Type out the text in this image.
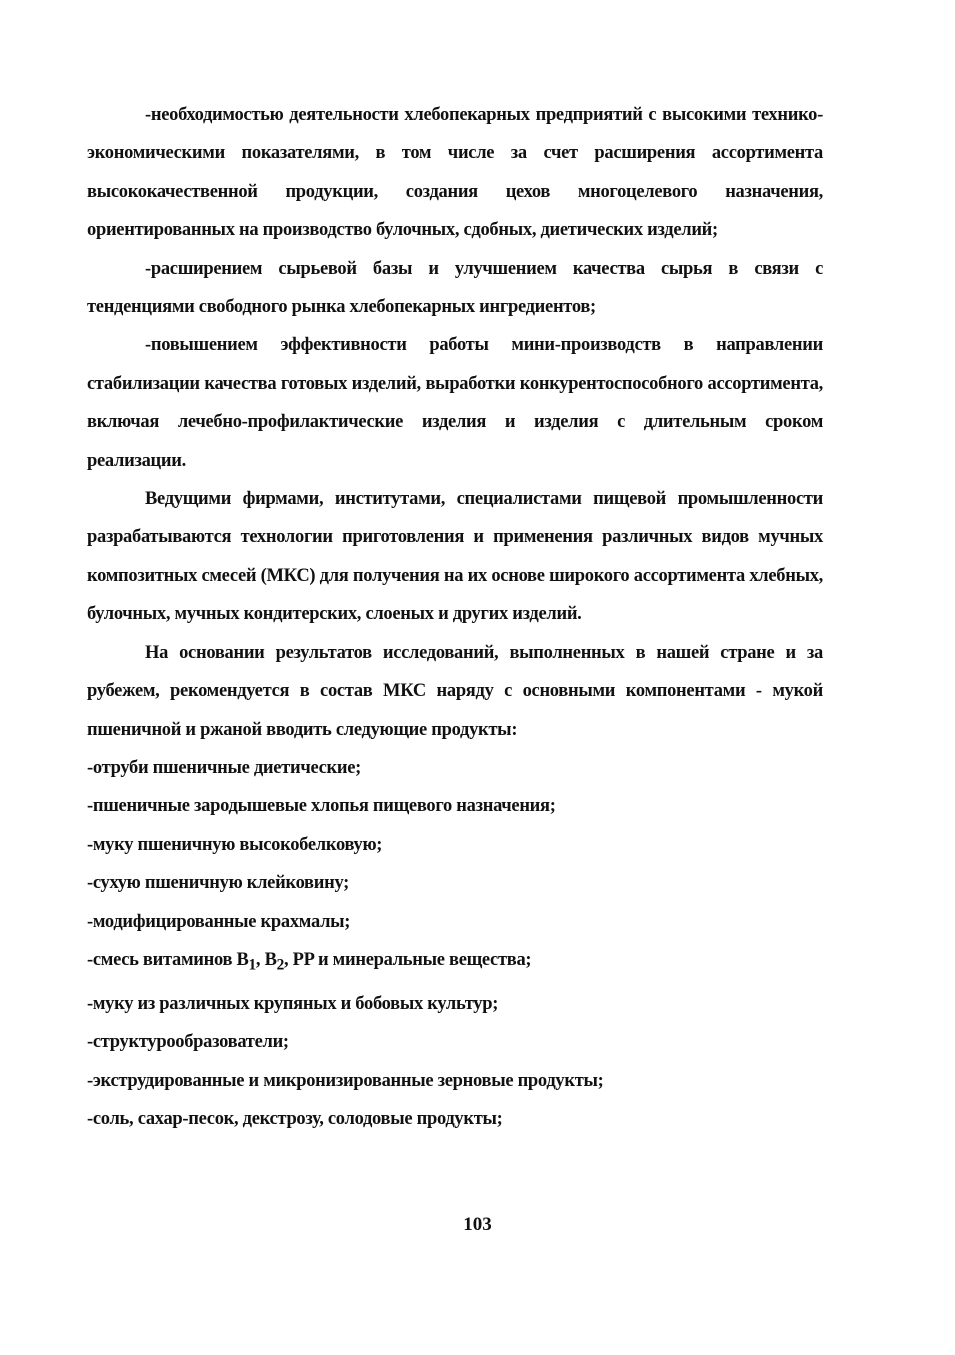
-необходимостью деятельности хлебопекарных предприятий с высокими технико-экономическими показателями, в том числе за счет расширения ассортимента высококачественной продукции, создания цехов многоцелевого назначения, ориентированных на производство булочных, сдобных, диетических изделий;

-расширением сырьевой базы и улучшением качества сырья в связи с тенденциями свободного рынка хлебопекарных ингредиентов;

-повышением эффективности работы мини-производств в направлении стабилизации качества готовых изделий, выработки конкурентоспособного ассортимента, включая лечебно-профилактические изделия и изделия с длительным сроком реализации.

Ведущими фирмами, институтами, специалистами пищевой промышленности разрабатываются технологии приготовления и применения различных видов мучных композитных смесей (МКС) для получения на их основе широкого ассортимента хлебных, булочных, мучных кондитерских, слоеных и других изделий.

На основании результатов исследований, выполненных в нашей стране и за рубежем, рекомендуется в состав МКС наряду с основными компонентами - мукой пшеничной и ржаной вводить следующие продукты:

-отруби пшеничные диетические;
-пшеничные зародышевые хлопья пищевого назначения;
-муку пшеничную высокобелковую;
-сухую пшеничную клейковину;
-модифицированные крахмалы;
-смесь витаминов $B_1$, $B_2$, PP и минеральные вещества;
-муку из различных крупяных и бобовых культур;
-структурообразователи;
-экструдированные и микронизированные зерновые продукты;
-соль, сахар-песок, декстрозу, солодовые продукты;
103
